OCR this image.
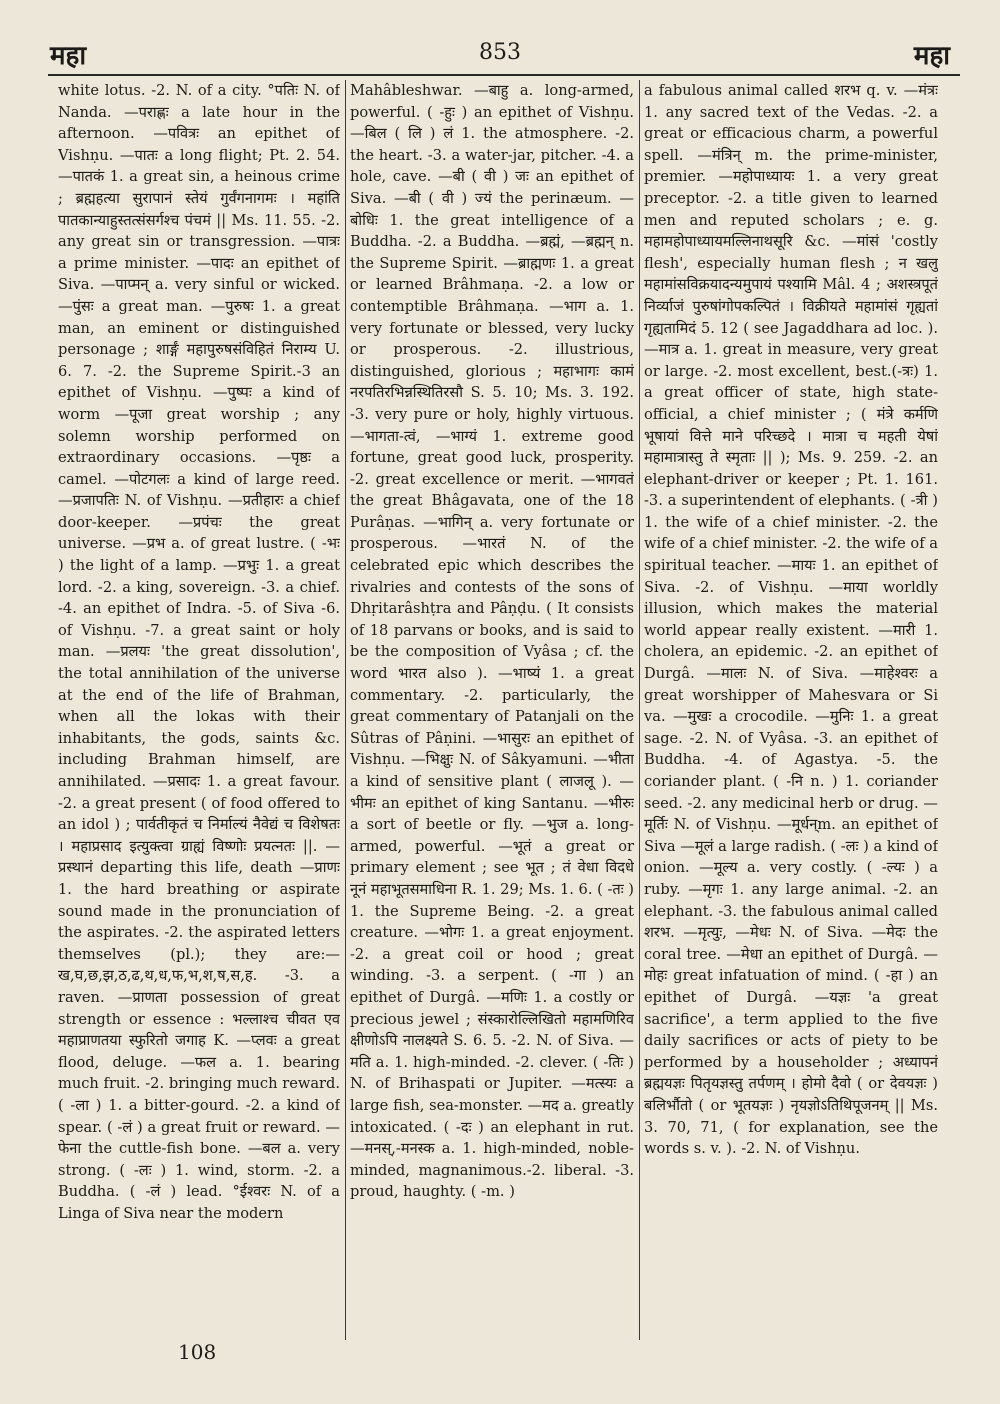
महा	853	महा

white lotus. -2. N. of a city. °पतिः N. of Nanda. —पराह्णः a late hour in the afternoon. —पवित्रः an epithet of Vishṇu. —पातः a long flight; Pt. 2. 54. —पातकं 1. a great sin, a heinous crime ; ब्रह्महत्या सुरापानं स्तेयं गुर्वंगनागमः । महांति पातकान्याहुस्तत्संसर्गश्च पंचमं || Ms. 11. 55. -2. any great sin or transgression. —पात्रः a prime minister. —पादः an epithet of Siva. —पाप्मन् a. very sinful or wicked. —पुंसः a great man. —पुरुषः 1. a great man, an eminent or distinguished personage ; शार्ङ्गं महापुरुषसंविहितं निराम्य U. 6. 7. -2. the Supreme Spirit.-3 an epithet of Vishṇu. —पुष्पः a kind of worm —पूजा great worship ; any solemn worship performed on extraordinary occasions. —पृष्ठः a camel. —पोटगलः a kind of large reed. —प्रजापतिः N. of Vishṇu. —प्रतीहारः a chief door-keeper. —प्रपंचः the great universe. —प्रभ a. of great lustre. ( -भः ) the light of a lamp. —प्रभुः 1. a great lord. -2. a king, sovereign. -3. a chief. -4. an epithet of Indra. -5. of Siva -6. of Vishṇu. -7. a great saint or holy man. —प्रलयः 'the great dissolution', the total annihilation of the universe at the end of the life of Brahman, when all the lokas with their inhabitants, the gods, saints &c. including Brahman himself, are annihilated. —प्रसादः 1. a great favour. -2. a great present ( of food offered to an idol ) ; पार्वतीकृतं च निर्माल्यं नैवेद्यं च विशेषतः । महाप्रसाद इत्युक्त्वा ग्राह्यं विष्णोः प्रयत्नतः ||. —प्रस्थानं departing this life, death —प्राणः 1. the hard breathing or aspirate sound made in the pronunciation of the aspirates. -2. the aspirated letters themselves (pl.); they are:—ख,घ,छ,झ,ठ,ढ,थ,ध,फ,भ,श,ष,स,ह. -3. a raven. —प्राणता possession of great strength or essence : भल्लाश्च चीवत एव महाप्राणतया स्फुरितो जगाह K. —प्लवः a great flood, deluge. —फल a. 1. bearing much fruit. -2. bringing much reward. ( -ला ) 1. a bitter-gourd. -2. a kind of spear. ( -लं ) a great fruit or reward. —फेना the cuttle-fish bone. —बल a. very strong. ( -लः ) 1. wind, storm. -2. a Buddha. ( -लं ) lead. °ईश्वरः N. of a Linga of Siva near the modern

Mahâbleshwar. —बाहु a. long-armed, powerful. ( -हुः ) an epithet of Vishṇu. —बिल ( लि ) लं 1. the atmosphere. -2. the heart. -3. a water-jar, pitcher. -4. a hole, cave. —बी ( वी ) जः an epithet of Siva. —बी ( वी ) ज्यं the perinæum. —बोधिः 1. the great intelligence of a Buddha. -2. a Buddha. —ब्रह्मं, —ब्रह्मन् n. the Supreme Spirit. —ब्राह्मणः 1. a great or learned Brâhmaṇa. -2. a low or contemptible Brâhmaṇa. —भाग a. 1. very fortunate or blessed, very lucky or prosperous. -2. illustrious, distinguished, glorious ; महाभागः कामं नरपतिरभिन्नस्थितिरसौ S. 5. 10; Ms. 3. 192. -3. very pure or holy, highly virtuous. —भागता-त्वं, —भाग्यं 1. extreme good fortune, great good luck, prosperity. -2. great excellence or merit. —भागवतं the great Bhâgavata, one of the 18 Purâṇas. —भागिन् a. very fortunate or prosperous. —भारतं N. of the celebrated epic which describes the rivalries and contests of the sons of Dhṛitarâshṭra and Pâṇḍu. ( It consists of 18 parvans or books, and is said to be the composition of Vyâsa ; cf. the word भारत also ). —भाष्यं 1. a great commentary. -2. particularly, the great commentary of Patanjali on the Sûtras of Pâṇini. —भासुरः an epithet of Vishṇu. —भिक्षुः N. of Sâkyamuni. —भीता a kind of sensitive plant ( लाजलू ). —भीमः an epithet of king Santanu. —भीरुः a sort of beetle or fly. —भुज a. long-armed, powerful. —भूतं a great or primary element ; see भूत ; तं वेधा विदधे नूनं महाभूतसमाधिना R. 1. 29; Ms. 1. 6. ( -तः ) 1. the Supreme Being. -2. a great creature. —भोगः 1. a great enjoyment. -2. a great coil or hood ; great winding. -3. a serpent. ( -गा ) an epithet of Durgâ. —मणिः 1. a costly or precious jewel ; संस्कारोल्लिखितो महामणिरिव क्षीणोऽपि नालक्ष्यते S. 6. 5. -2. N. of Siva. —मति a. 1. high-minded. -2. clever. ( -तिः ) N. of Brihaspati or Jupiter. —मत्स्यः a large fish, sea-monster. —मद a. greatly intoxicated. ( -दः ) an elephant in rut. —मनस्,-मनस्क a. 1. high-minded, noble-minded, magnanimous.-2. liberal. -3. proud, haughty. ( -m. )

a fabulous animal called शरभ q. v. —मंत्रः 1. any sacred text of the Vedas. -2. a great or efficacious charm, a powerful spell. —मंत्रिन् m. the prime-minister, premier. —महोपाध्यायः 1. a very great preceptor. -2. a title given to learned men and reputed scholars ; e. g. महामहोपाध्यायमल्लिनाथसूरि &c. —मांसं 'costly flesh', especially human flesh ; न खलु महामांसविक्रयादन्यमुपायं पश्यामि Mâl. 4 ; अशस्त्रपूतं निर्व्याजं पुरुषांगोपकल्पितं । विक्रीयते महामांसं गृह्यतां गृह्यतामिदं 5. 12 ( see Jagaddhara ad loc. ). —मात्र a. 1. great in measure, very great or large. -2. most excellent, best.(-त्रः) 1. a great officer of state, high state-official, a chief minister ; ( मंत्रे कर्मणि भूषायां वित्ते माने परिच्छदे । मात्रा च महती येषां महामात्रास्तु ते स्मृताः || ); Ms. 9. 259. -2. an elephant-driver or keeper ; Pt. 1. 161. -3. a superintendent of elephants. ( -त्री ) 1. the wife of a chief minister. -2. the wife of a chief minister. -2. the wife of a spiritual teacher. —मायः 1. an epithet of Siva. -2. of Vishṇu. —माया worldly illusion, which makes the material world appear really existent. —मारी 1. cholera, an epidemic. -2. an epithet of Durgâ. —मालः N. of Siva. —माहेश्वरः a great worshipper of Mahesvara or Si va. —मुखः a crocodile. —मुनिः 1. a great sage. -2. N. of Vyâsa. -3. an epithet of Buddha. -4. of Agastya. -5. the coriander plant. ( -नि n. ) 1. coriander seed. -2. any medicinal herb or drug. —मूर्तिः N. of Vishṇu. —मूर्धन्m. an epithet of Siva —मूलं a large radish. ( -लः ) a kind of onion. —मूल्य a. very costly. ( -ल्यः ) a ruby. —मृगः 1. any large animal. -2. an elephant. -3. the fabulous animal called शरभ. —मृत्युः, —मेधः N. of Siva. —मेदः the coral tree. —मेधा an epithet of Durgâ. —मोहः great infatuation of mind. ( -हा ) an epithet of Durgâ. —यज्ञः 'a great sacrifice', a term applied to the five daily sacrifices or acts of piety to be performed by a householder ; अध्यापनं ब्रह्मयज्ञः पितृयज्ञस्तु तर्पणम् । होमो दैवो ( or देवयज्ञः ) बलिर्भौतो ( or भूतयज्ञः ) नृयज्ञोऽतिथिपूजनम् || Ms. 3. 70, 71, ( for explanation, see the words s. v. ). -2. N. of Vishṇu.

108
